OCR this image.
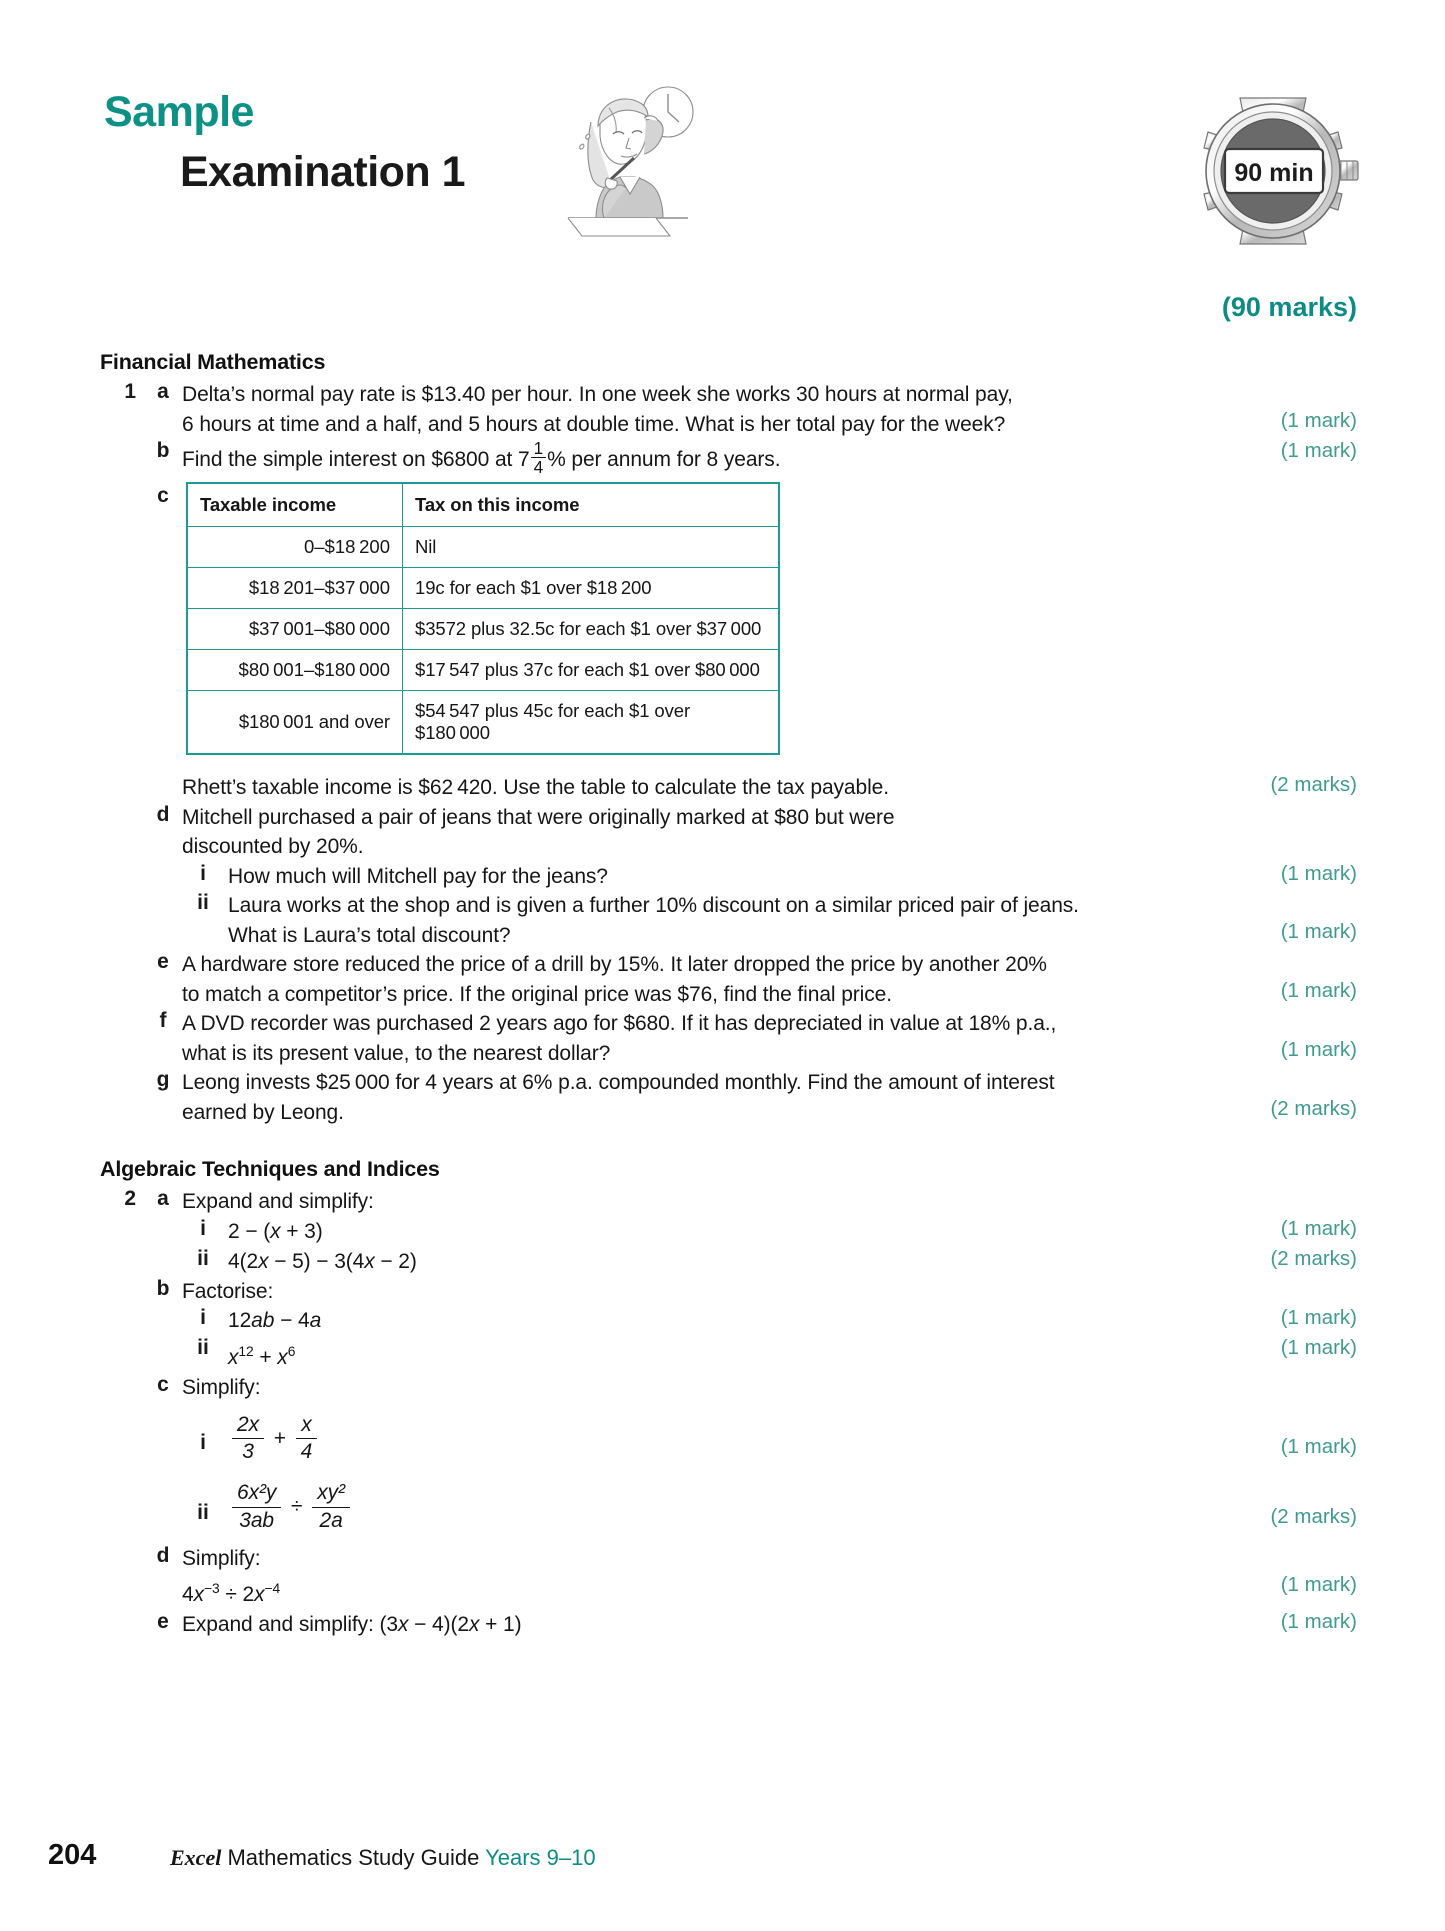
Sample
Examination 1	90 min
(90 marks)
Financial Mathematics
1 a Delta’s normal pay rate is $13.40 per hour. In one week she works 30 hours at normal pay,
6 hours at time and a half, and 5 hours at double time. What is her total pay for the week?	(1 mark)
b Find the simple interest on $6800 at $7 \frac{1}{4}$ % per annum for 8 years.	(1 mark)
c Taxable income	Tax on this income
0–$18 200	Nil
$18 201–$37 000	19c for each $1 over $18 200
$37 001–$80 000	$3572 plus 32.5c for each $1 over $37 000
$80 001–$180 000	$17 547 plus 37c for each $1 over $80 000
$180 001 and over	$54 547 plus 45c for each $1 over $180 000
Rhett’s taxable income is $62 420. Use the table to calculate the tax payable.	(2 marks)
d Mitchell purchased a pair of jeans that were originally marked at $80 but were
discounted by 20%.
i	How much will Mitchell pay for the jeans?	(1 mark)
ii Laura works at the shop and is given a further 10% discount on a similar priced pair of jeans.
What is Laura’s total discount?	(1 mark)
e A hardware store reduced the price of a drill by 15%. It later dropped the price by another 20%
to match a competitor’s price. If the original price was $76, find the final price.	(1 mark)
f A DVD recorder was purchased 2 years ago for $680. If it has depreciated in value at 18% p.a.,
what is its present value, to the nearest dollar?	(1 mark)
g Leong invests $25 000 for 4 years at 6% p.a. compounded monthly. Find the amount of interest
earned by Leong.	(2 marks)
Algebraic Techniques and Indices
2 a Expand and simplify:
i	2 − (x + 3)	(1 mark)
ii 4(2x − 5) − 3(4x − 2)	(2 marks)
b Factorise:
i	12ab − 4a	(1 mark)
ii $x^{12} + x^6$	(1 mark)
c Simplify:
i	$\frac{2x}{3} + \frac{x}{4}$	(1 mark)
ii	$\frac{\text{6x²y}}{3ab} \div \frac{\text{xy²}}{2a}$	(2 marks)
d Simplify:
$4x^{-3} \div 2x^{-4}$	(1 mark)
e Expand and simplify: (3x − 4)(2x + 1)	(1 mark)
204	Excel Mathematics Study Guide Years 9–10
